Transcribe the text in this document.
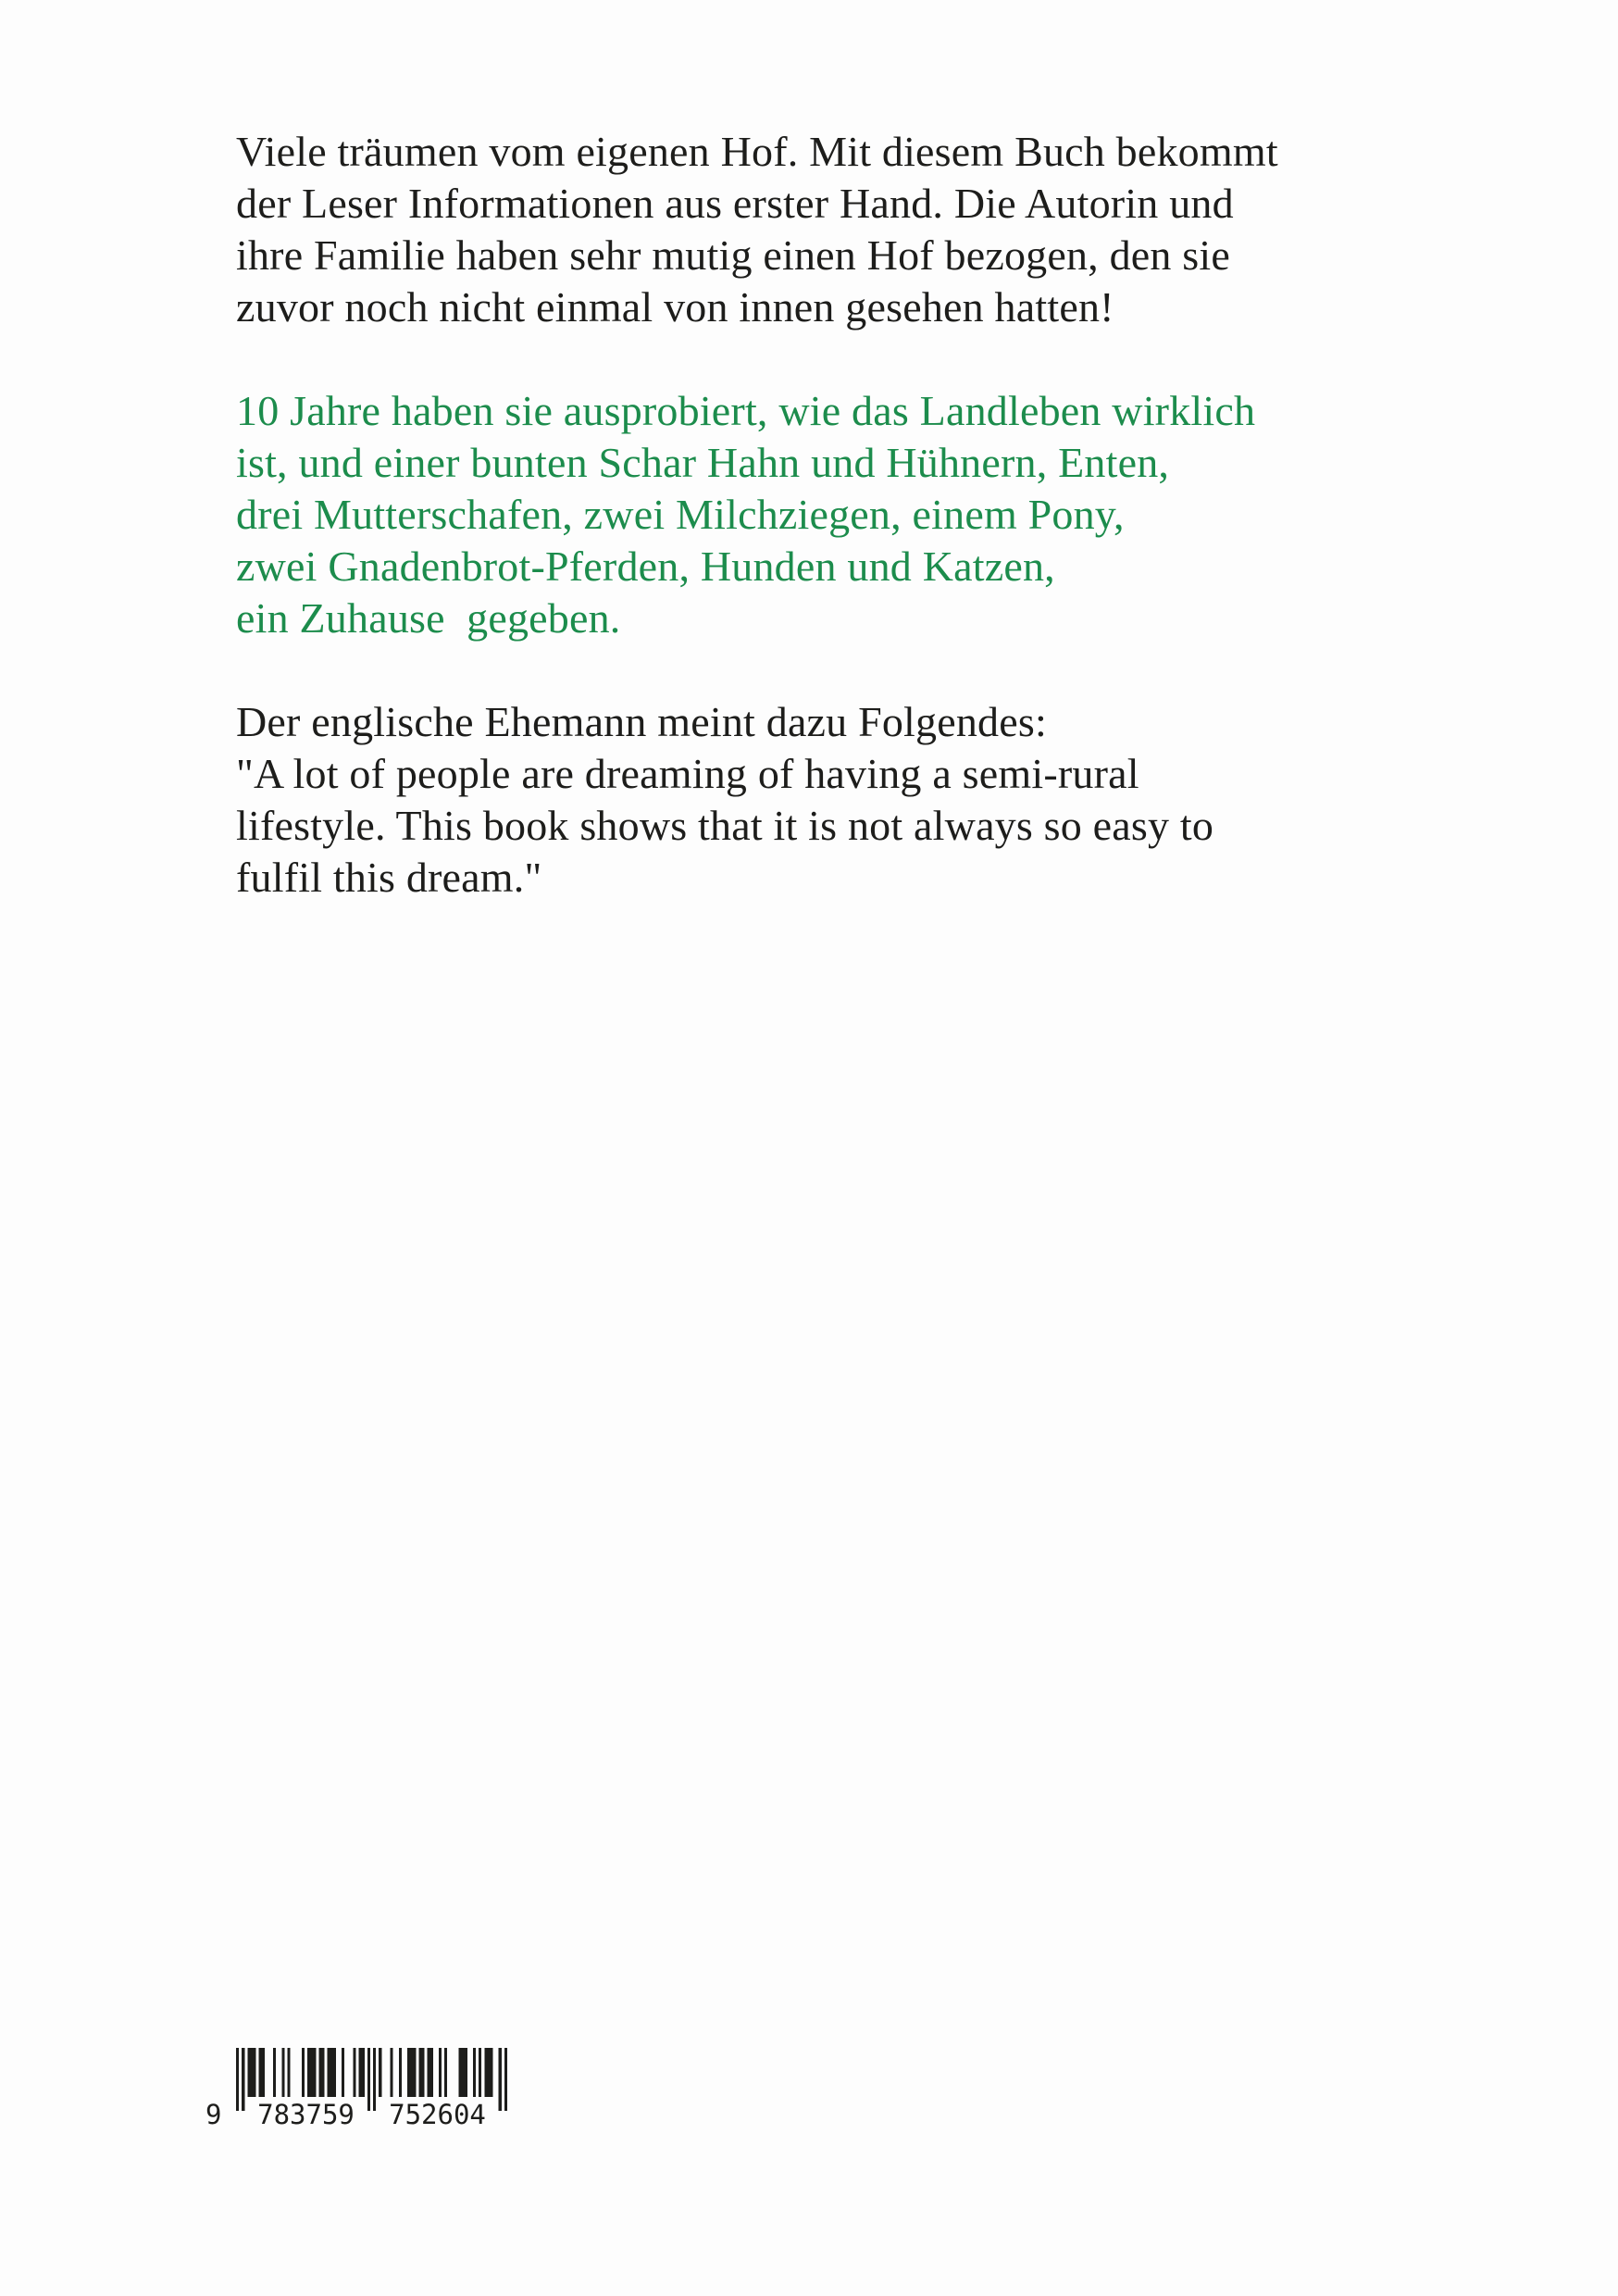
Viele träumen vom eigenen Hof. Mit diesem Buch bekommt
der Leser Informationen aus erster Hand. Die Autorin und
ihre Familie haben sehr mutig einen Hof bezogen, den sie
zuvor noch nicht einmal von innen gesehen hatten!
10 Jahre haben sie ausprobiert, wie das Landleben wirklich
ist, und einer bunten Schar Hahn und Hühnern, Enten,
drei Mutterschafen, zwei Milchziegen, einem Pony,
zwei Gnadenbrot-Pferden, Hunden und Katzen,
ein Zuhause  gegeben.
Der englische Ehemann meint dazu Folgendes:
"A lot of people are dreaming of having a semi-rural
lifestyle. This book shows that it is not always so easy to
fulfil this dream."
9	783759	752604
